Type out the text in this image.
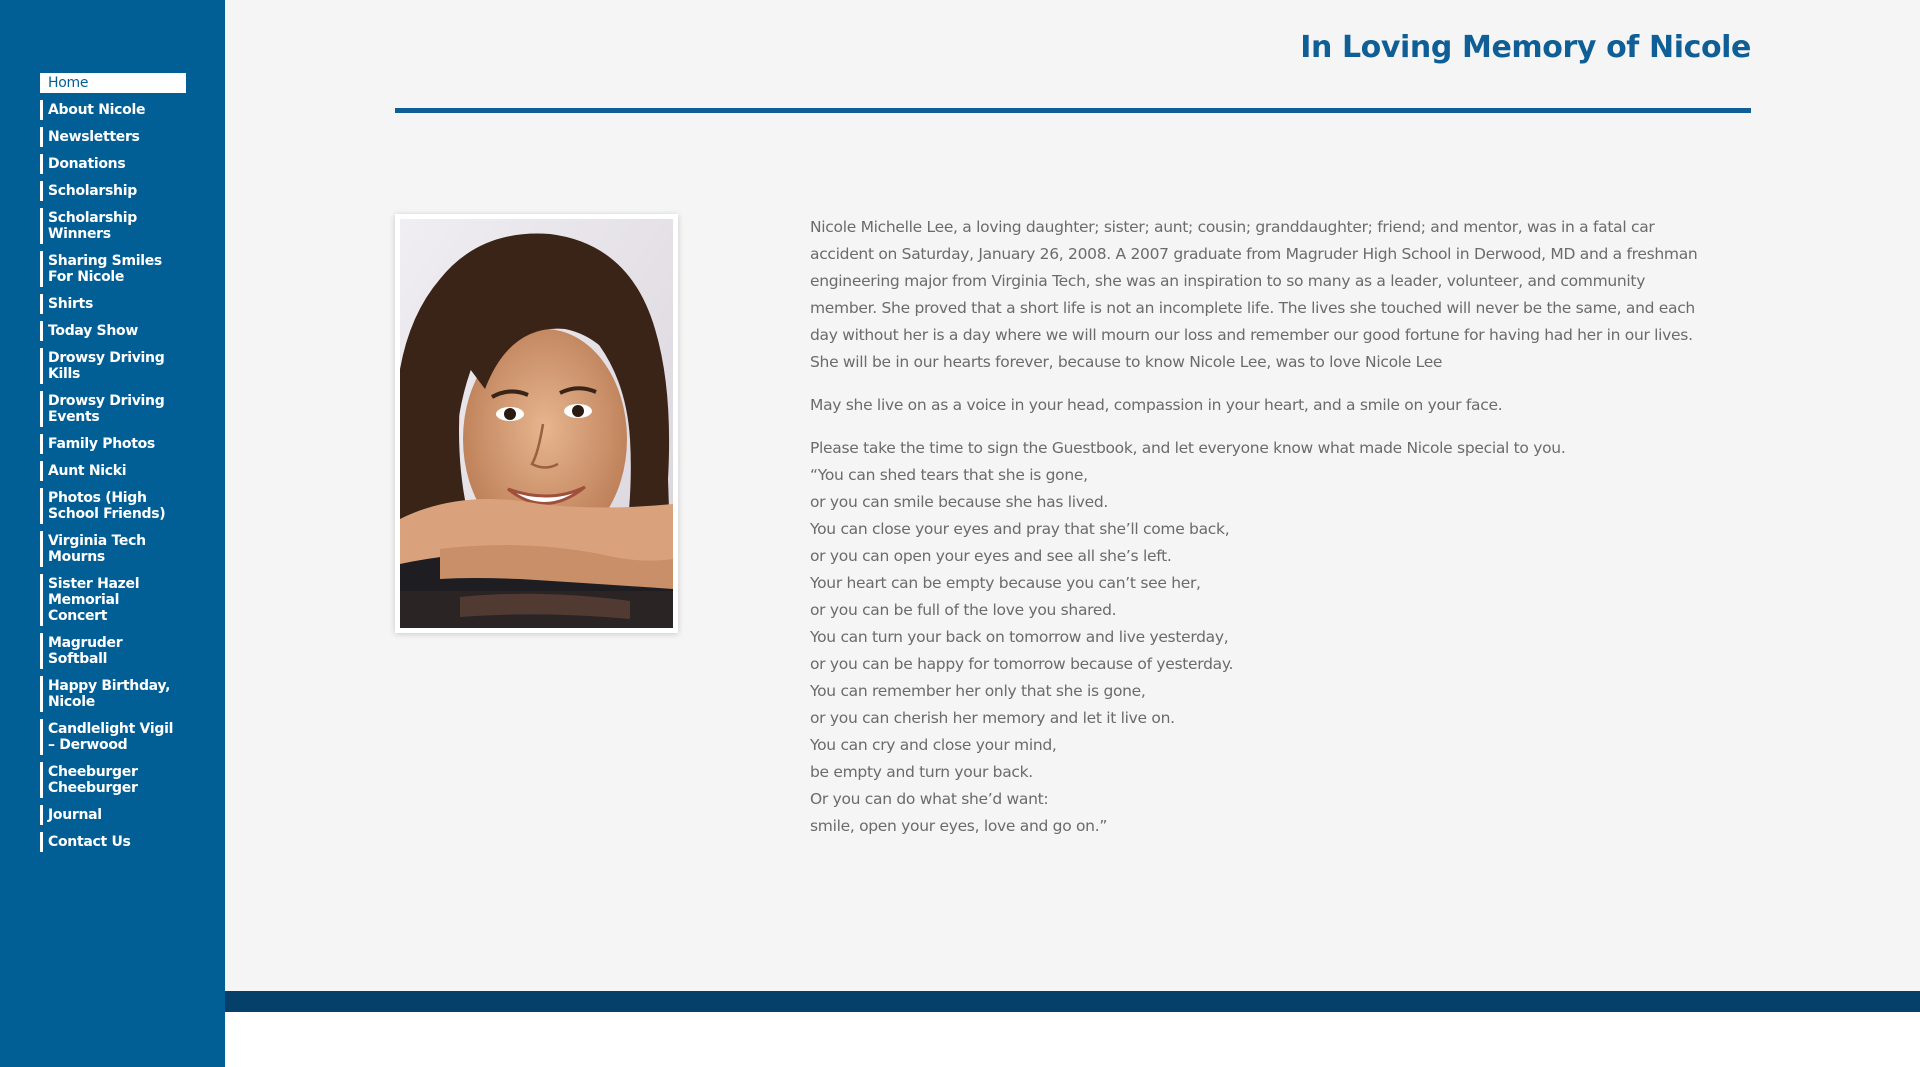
Home
About Nicole
Newsletters
Donations
Scholarship
Scholarship Winners
Sharing Smiles For Nicole
Shirts
Today Show
Drowsy Driving Kills
Drowsy Driving Events
Family Photos
Aunt Nicki
Photos (High School Friends)
Virginia Tech Mourns
Sister Hazel Memorial Concert
Magruder Softball
Happy Birthday, Nicole
Candlelight Vigil – Derwood
Cheeburger Cheeburger
Journal
Contact Us
In Loving Memory of Nicole

Nicole Michelle Lee, a loving daughter; sister; aunt; cousin; granddaughter; friend; and mentor, was in a fatal car accident on Saturday, January 26, 2008. A 2007 graduate from Magruder High School in Derwood, MD and a freshman engineering major from Virginia Tech, she was an inspiration to so many as a leader, volunteer, and community member. She proved that a short life is not an incomplete life. The lives she touched will never be the same, and each day without her is a day where we will mourn our loss and remember our good fortune for having had her in our lives. She will be in our hearts forever, because to know Nicole Lee, was to love Nicole Lee

May she live on as a voice in your head, compassion in your heart, and a smile on your face.

Please take the time to sign the Guestbook, and let everyone know what made Nicole special to you.
“You can shed tears that she is gone,
or you can smile because she has lived.
You can close your eyes and pray that she’ll come back,
or you can open your eyes and see all she’s left.
Your heart can be empty because you can’t see her,
or you can be full of the love you shared.
You can turn your back on tomorrow and live yesterday,
or you can be happy for tomorrow because of yesterday.
You can remember her only that she is gone,
or you can cherish her memory and let it live on.
You can cry and close your mind,
be empty and turn your back.
Or you can do what she’d want:
smile, open your eyes, love and go on.”
